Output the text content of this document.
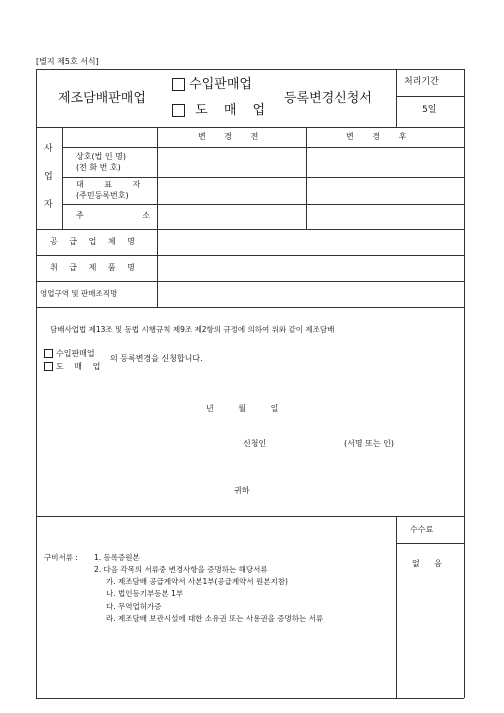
[별지 제5호 서식]
제조담배판매업
수입판매업
도 매 업
등록변경신청서
처리기간
5일
변 경 전	변 경 후
사
업
자
상호(법 인 명)
(전 화 번 호)
대	표	자
(주민등록번호)
주	소
공 급 업 체 명
취 급 제 품 명
영업구역 및 판매조직명
담배사업법 제13조 및 동법 시행규칙 제9조 제2항의 규정에 의하여 위와 같이 제조담배
수입판매업
도 매 업
의 등록변경을 신청합니다.
년	월	일
신청인	(서명 또는 인)
귀하
수수료
없 음
구비서류 : 1. 등록증원본
2. 다음 각목의 서류중 변경사항을 증명하는 해당서류
가. 제조담배 공급계약서 사본1부(공급계약서 원본지참)
나. 법인등기부등본 1부
다. 무역업허가증
라. 제조담배 보관시설에 대한 소유권 또는 사용권을 증명하는 서류
